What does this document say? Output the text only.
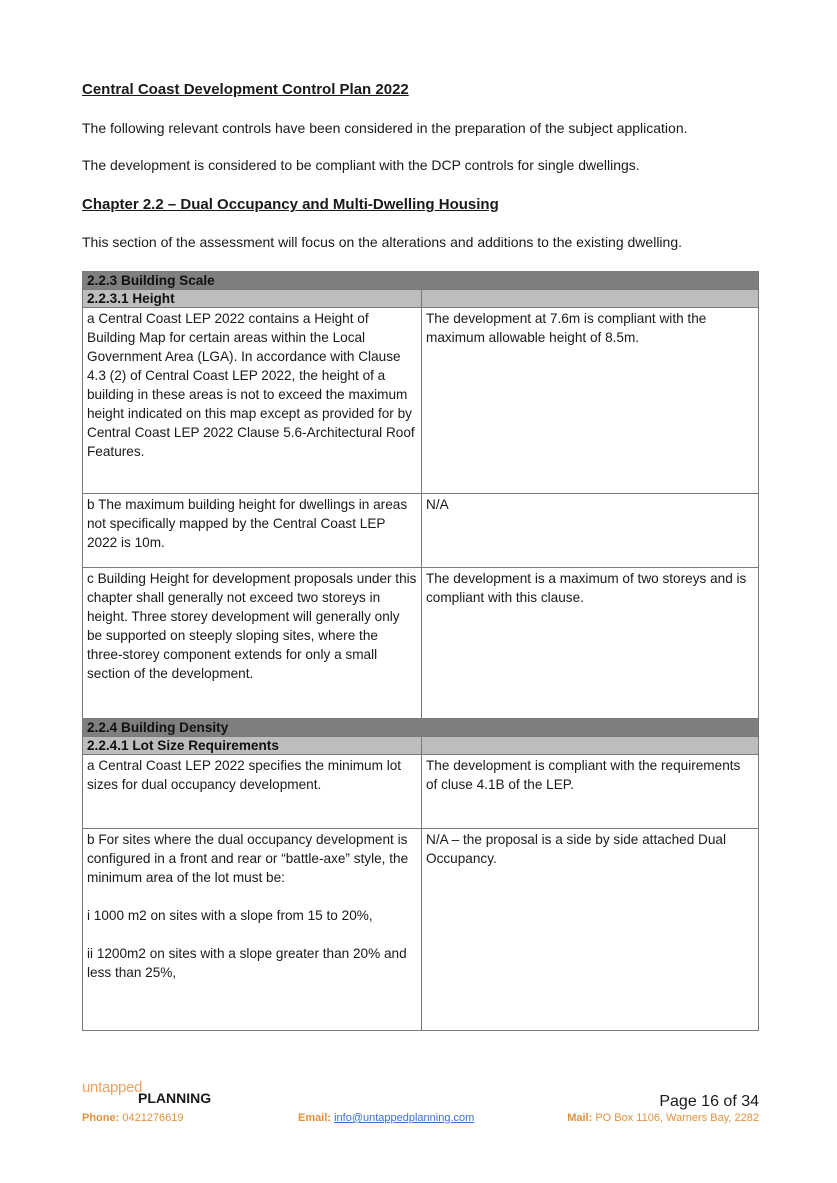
Central Coast Development Control Plan 2022

The following relevant controls have been considered in the preparation of the subject application.

The development is considered to be compliant with the DCP controls for single dwellings.

Chapter 2.2 – Dual Occupancy and Multi-Dwelling Housing

This section of the assessment will focus on the alterations and additions to the existing dwelling.

2.2.3 Building Scale	
2.2.3.1 Height	
a Central Coast LEP 2022 contains a Height of Building Map for certain areas within the Local Government Area (LGA). In accordance with Clause 4.3 (2) of Central Coast LEP 2022, the height of a building in these areas is not to exceed the maximum height indicated on this map except as provided for by Central Coast LEP 2022 Clause 5.6-Architectural Roof Features.	The development at 7.6m is compliant with the maximum allowable height of 8.5m.
b The maximum building height for dwellings in areas not specifically mapped by the Central Coast LEP 2022 is 10m.	N/A
c Building Height for development proposals under this chapter shall generally not exceed two storeys in height. Three storey development will generally only be supported on steeply sloping sites, where the three-storey component extends for only a small section of the development.	The development is a maximum of two storeys and is compliant with this clause.
2.2.4 Building Density	
2.2.4.1 Lot Size Requirements	
a Central Coast LEP 2022 specifies the minimum lot sizes for dual occupancy development.	The development is compliant with the requirements of cluse 4.1B of the LEP.

b For sites where the dual occupancy development is configured in a front and rear or “battle-axe” style, the minimum area of the lot must be:
i 1000 m2 on sites with a slope from 15 to 20%,
ii 1200m2 on sites with a slope greater than 20% and less than 25%,	N/A – the proposal is a side by side attached Dual Occupancy.
untapped
PLANNING	Page 16 of 34
Phone: 0421276619	Email: info@untappedplanning.com	Mail: PO Box 1106, Warners Bay, 2282
